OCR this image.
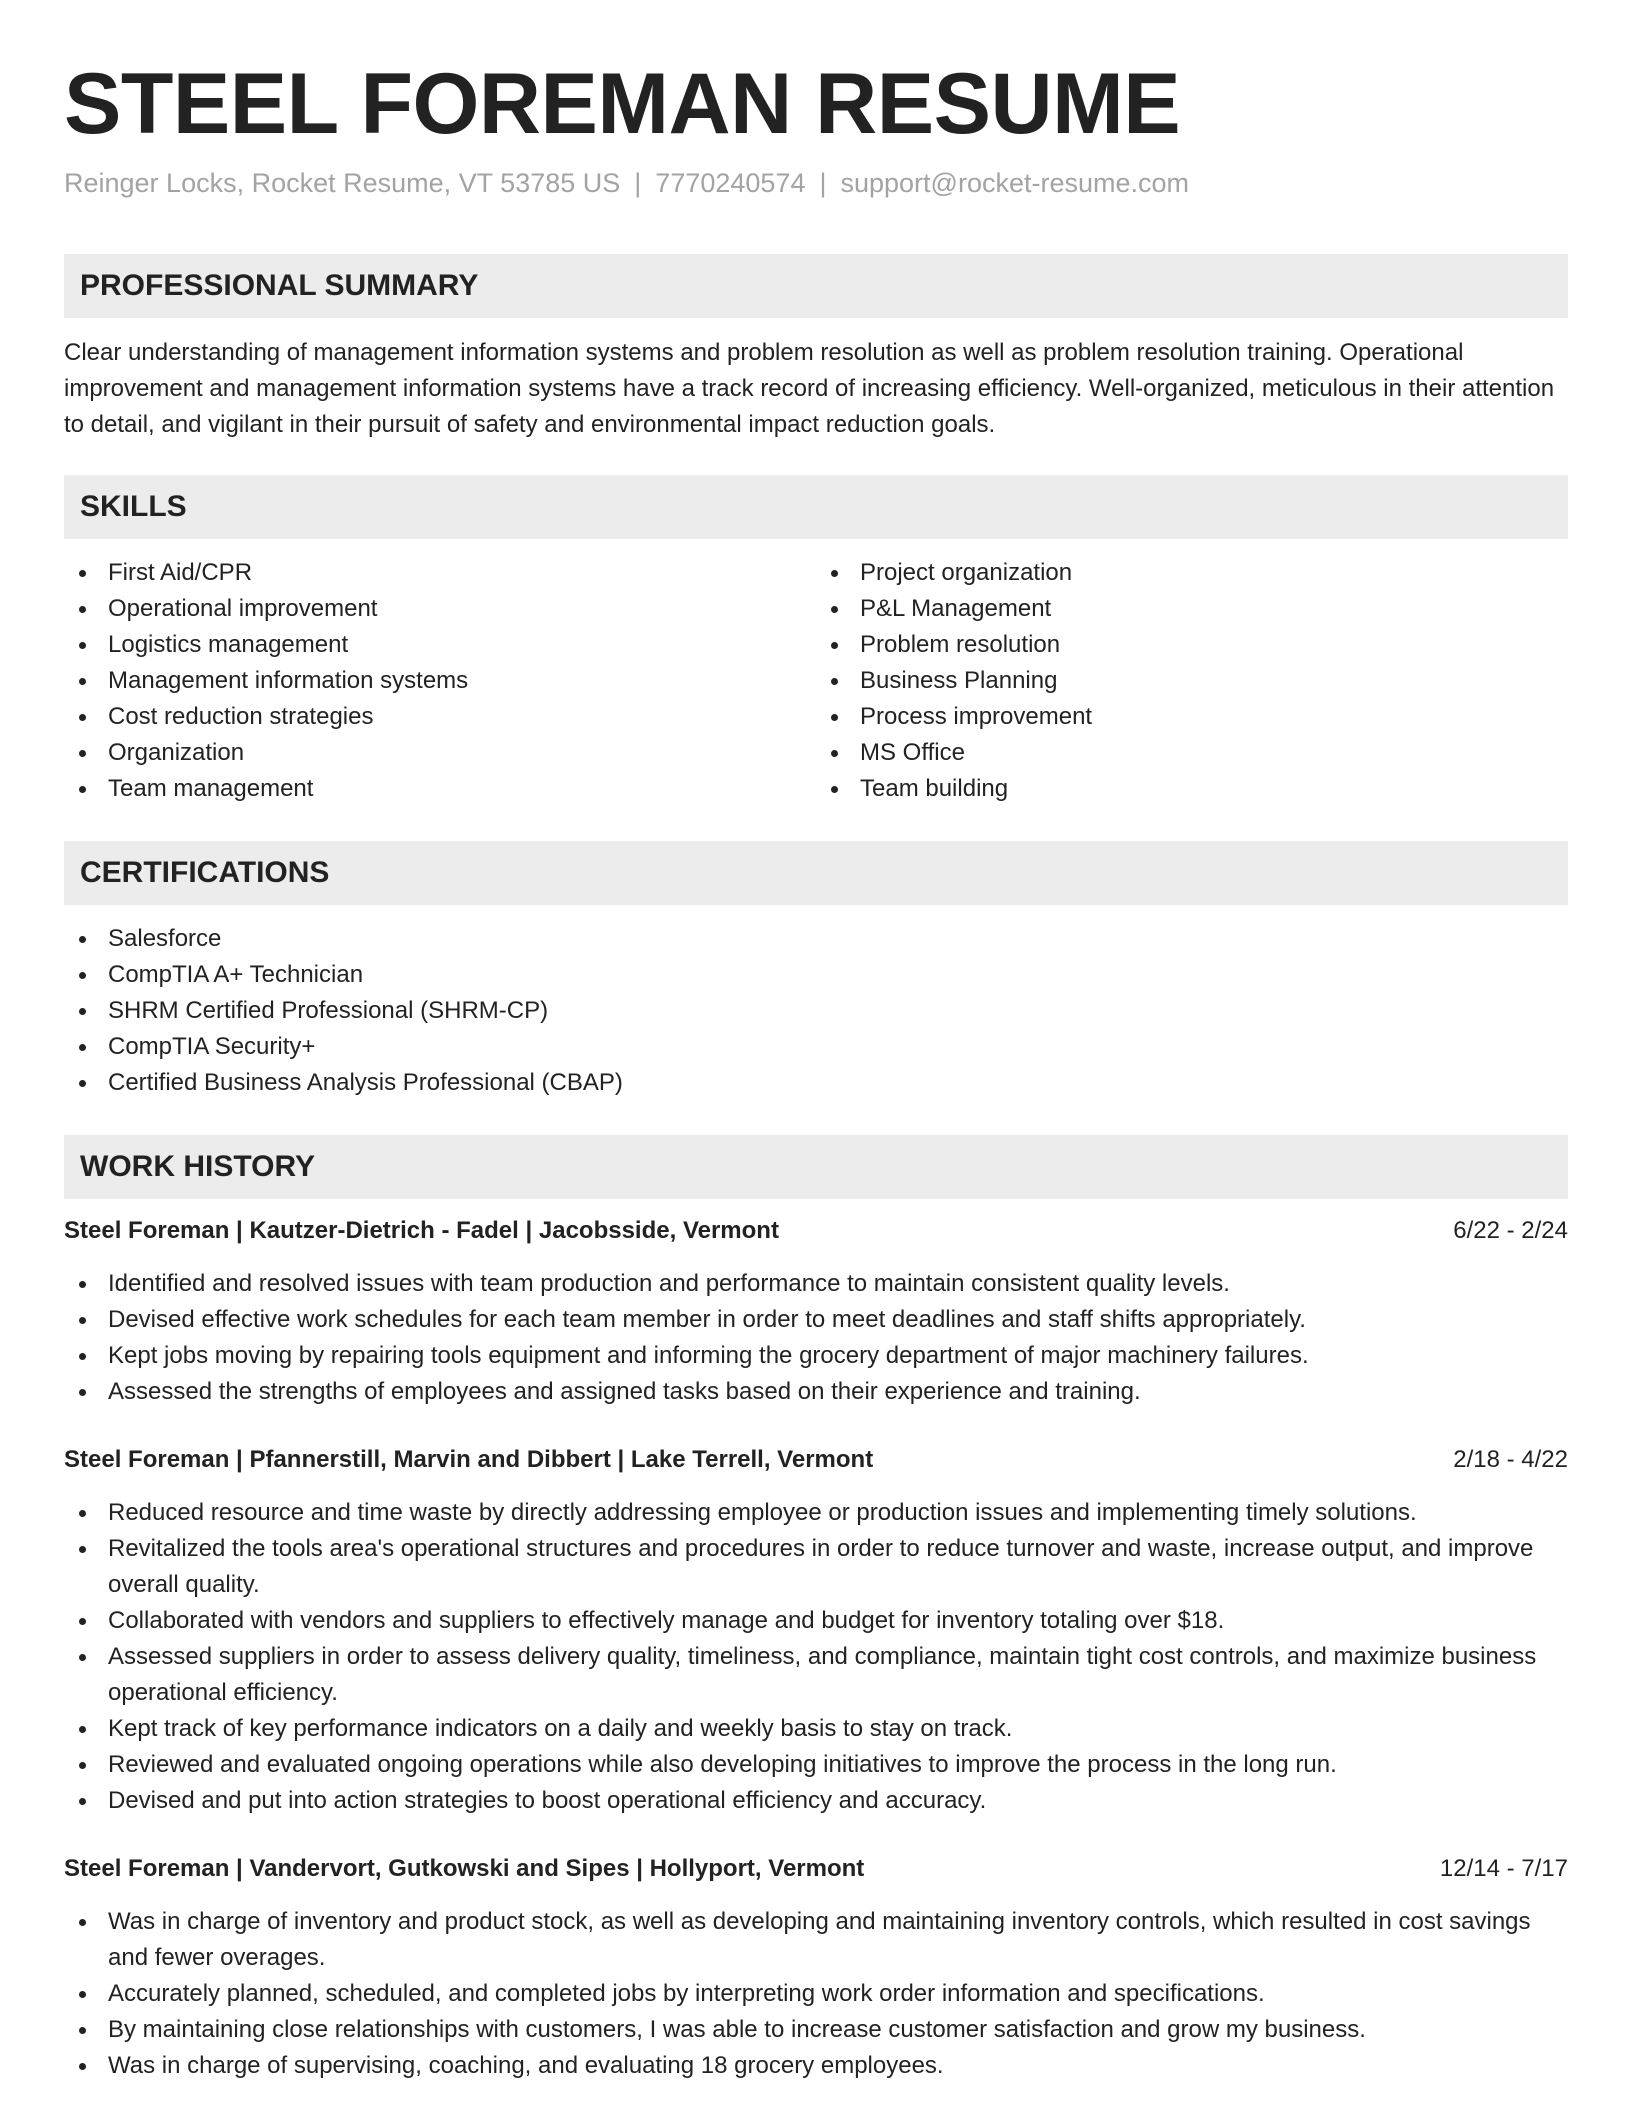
STEEL FOREMAN RESUME
Reinger Locks, Rocket Resume, VT 53785 US | 7770240574 | support@rocket-resume.com
PROFESSIONAL SUMMARY

Clear understanding of management information systems and problem resolution as well as problem resolution training. Operational improvement and management information systems have a track record of increasing efficiency. Well-organized, meticulous in their attention to detail, and vigilant in their pursuit of safety and environmental impact reduction goals.

SKILLS
First Aid/CPR
Operational improvement
Logistics management
Management information systems
Cost reduction strategies
Organization
Team management
Project organization
P&L Management
Problem resolution
Business Planning
Process improvement
MS Office
Team building
CERTIFICATIONS
Salesforce
CompTIA A+ Technician
SHRM Certified Professional (SHRM-CP)
CompTIA Security+
Certified Business Analysis Professional (CBAP)
WORK HISTORY
Steel Foreman | Kautzer-Dietrich - Fadel | Jacobsside, Vermont	6/22 - 2/24
Identified and resolved issues with team production and performance to maintain consistent quality levels.
Devised effective work schedules for each team member in order to meet deadlines and staff shifts appropriately.
Kept jobs moving by repairing tools equipment and informing the grocery department of major machinery failures.
Assessed the strengths of employees and assigned tasks based on their experience and training.
Steel Foreman | Pfannerstill, Marvin and Dibbert | Lake Terrell, Vermont	2/18 - 4/22
Reduced resource and time waste by directly addressing employee or production issues and implementing timely solutions.
Revitalized the tools area's operational structures and procedures in order to reduce turnover and waste, increase output, and improve overall quality.
Collaborated with vendors and suppliers to effectively manage and budget for inventory totaling over $18.
Assessed suppliers in order to assess delivery quality, timeliness, and compliance, maintain tight cost controls, and maximize business operational efficiency.
Kept track of key performance indicators on a daily and weekly basis to stay on track.
Reviewed and evaluated ongoing operations while also developing initiatives to improve the process in the long run.
Devised and put into action strategies to boost operational efficiency and accuracy.
Steel Foreman | Vandervort, Gutkowski and Sipes | Hollyport, Vermont	12/14 - 7/17
Was in charge of inventory and product stock, as well as developing and maintaining inventory controls, which resulted in cost savings and fewer overages.
Accurately planned, scheduled, and completed jobs by interpreting work order information and specifications.
By maintaining close relationships with customers, I was able to increase customer satisfaction and grow my business.
Was in charge of supervising, coaching, and evaluating 18 grocery employees.
